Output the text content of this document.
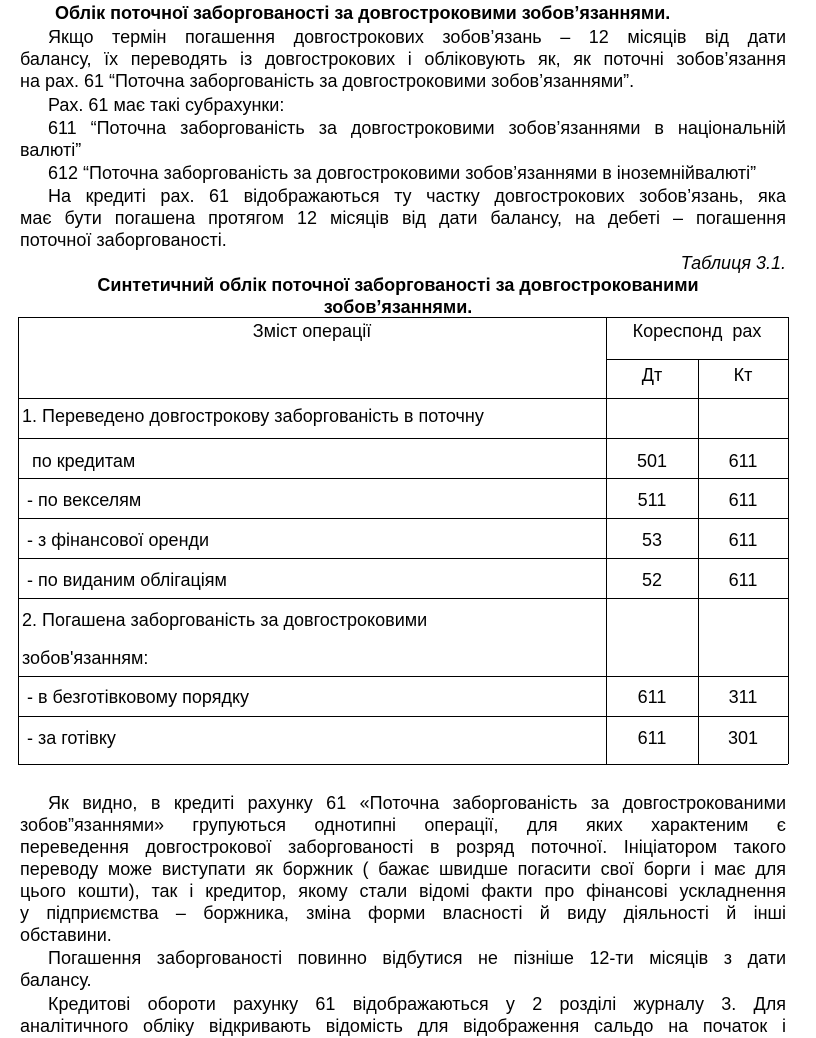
Облік поточної заборгованості за довгостроковими зобов’язаннями.
Якщо термін погашення довгострокових зобов’язань – 12 місяців від дати
балансу, їх переводять із довгострокових і обліковують як, як поточні зобов’язання
на рах. 61 “Поточна заборгованість за довгостроковими зобов’язаннями”.
Рах. 61 має такі субрахунки:
611 “Поточна заборгованість за довгостроковими зобов’язаннями в національній
валюті”
612 “Поточна заборгованість за довгостроковими зобов’язаннями в іноземнійвалюті”
На кредиті рах. 61 відображаються ту частку довгострокових зобов’язань, яка
має бути погашена протягом 12 місяців від дати балансу, на дебеті – погашення
поточної заборгованості.
Таблиця 3.1.
Синтетичний облік поточної заборгованості за довгострокованими
зобов’язаннями.
Зміст операції	Кореспонд  рах
Дт	Кт
1. Переведено довгострокову заборгованість в поточну
по кредитам	501	611
- по векселям	511	611
- з фінансової оренди	53	611
- по виданим облігаціям	52	611
2. Погашена заборгованість за довгостроковими
зобов'язанням:
- в безготівковому порядку	611	311
- за готівку	611	301
Як видно, в кредиті рахунку 61 «Поточна заборгованість за довгострокованими
зобов”язаннями» групуються однотипні операції, для яких характеним є
переведення довгострокової заборгованості в розряд поточної. Ініціатором такого
переводу може виступати як боржник ( бажає швидше погасити свої борги і має для
цього кошти), так і кредитор, якому стали відомі факти про фінансові ускладнення
у підприємства – боржника, зміна форми власності й виду діяльності й інші
обставини.
Погашення заборгованості повинно відбутися не пізніше 12-ти місяців з дати
балансу.
Кредитові обороти рахунку 61 відображаються у 2 розділі журналу 3. Для
аналітичного обліку відкривають відомість для відображення сальдо на початок і
